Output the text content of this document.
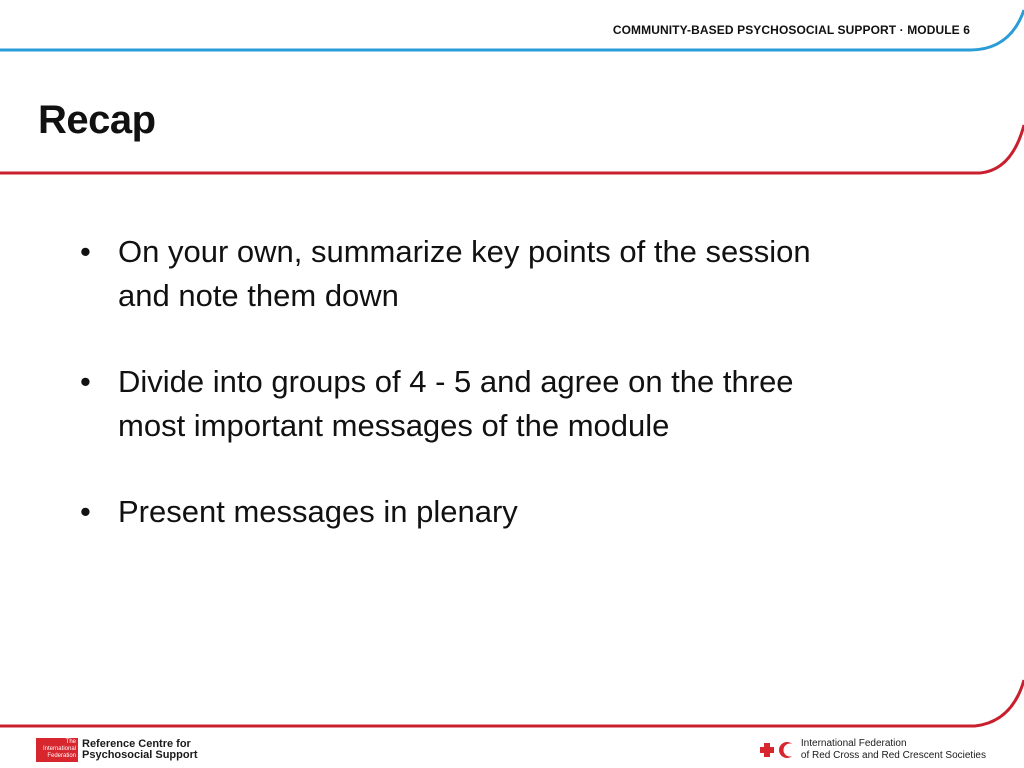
COMMUNITY-BASED PSYCHOSOCIAL SUPPORT · MODULE 6
Recap
• On your own, summarize key points of the session and note them down
• Divide into groups of 4 - 5 and agree on the three most important messages of the module
• Present messages in plenary
The International Federation
Reference Centre for Psychosocial Support
International Federation
of Red Cross and Red Crescent Societies
